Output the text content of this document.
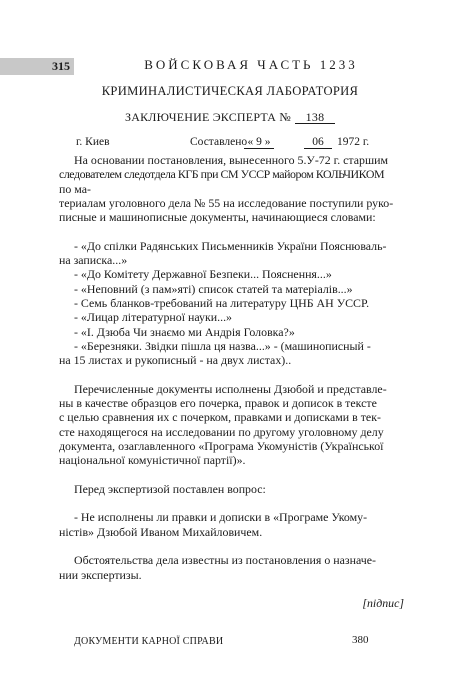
315	ВОЙСКОВАЯ ЧАСТЬ 1233
КРИМИНАЛИСТИЧЕСКАЯ ЛАБОРАТОРИЯ
ЗАКЛЮЧЕНИЕ ЭКСПЕРТА № 138
г. Киев	Составлено « 9 »	06	1972 г.

На основании постановления, вынесенного 5.У-72 г. старшим

следователем следотдела КГБ при СМ УССР майором КОЛЬЧИКОМ

по ма-

териалам уголовного дела № 55 на исследование поступили руко-

писные и машинописные документы, начинающиеся словами:

- «До спілки Радянських Письменників України Пояснюваль-

на записка...»

- «До Комітету Державної Безпеки... Пояснення...»

- «Неповний (з пам»яті) список статей та матеріалів...»

- Семь бланков-требований на литературу ЦНБ АН УССР.

- «Лицар літературної науки...»

- «І. Дзюба Чи знаємо ми Андрія Головка?»

- «Березняки. Звідки пішла ця назва...» - (машинописный -

на 15 листах и рукописный - на двух листах)..

Перечисленные документы исполнены Дзюбой и представле-

ны в качестве образцов его почерка, правок и дописок в тексте

с целью сравнения их с почерком, правками и дописками в тек-

сте находящегося на исследовании по другому уголовному делу

документа, озаглавленного «Програма Укомуністів (Української

національної комуністичної партії)».

Перед экспертизой поставлен вопрос:

- Не исполнены ли правки и дописки в «Програме Укому-

ністів» Дзюбой Иваном Михайловичем.

Обстоятельства дела известны из постановления о назначе-

нии экспертизы.

[підпис]

ДОКУМЕНТИ КАРНОЇ СПРАВИ	380
